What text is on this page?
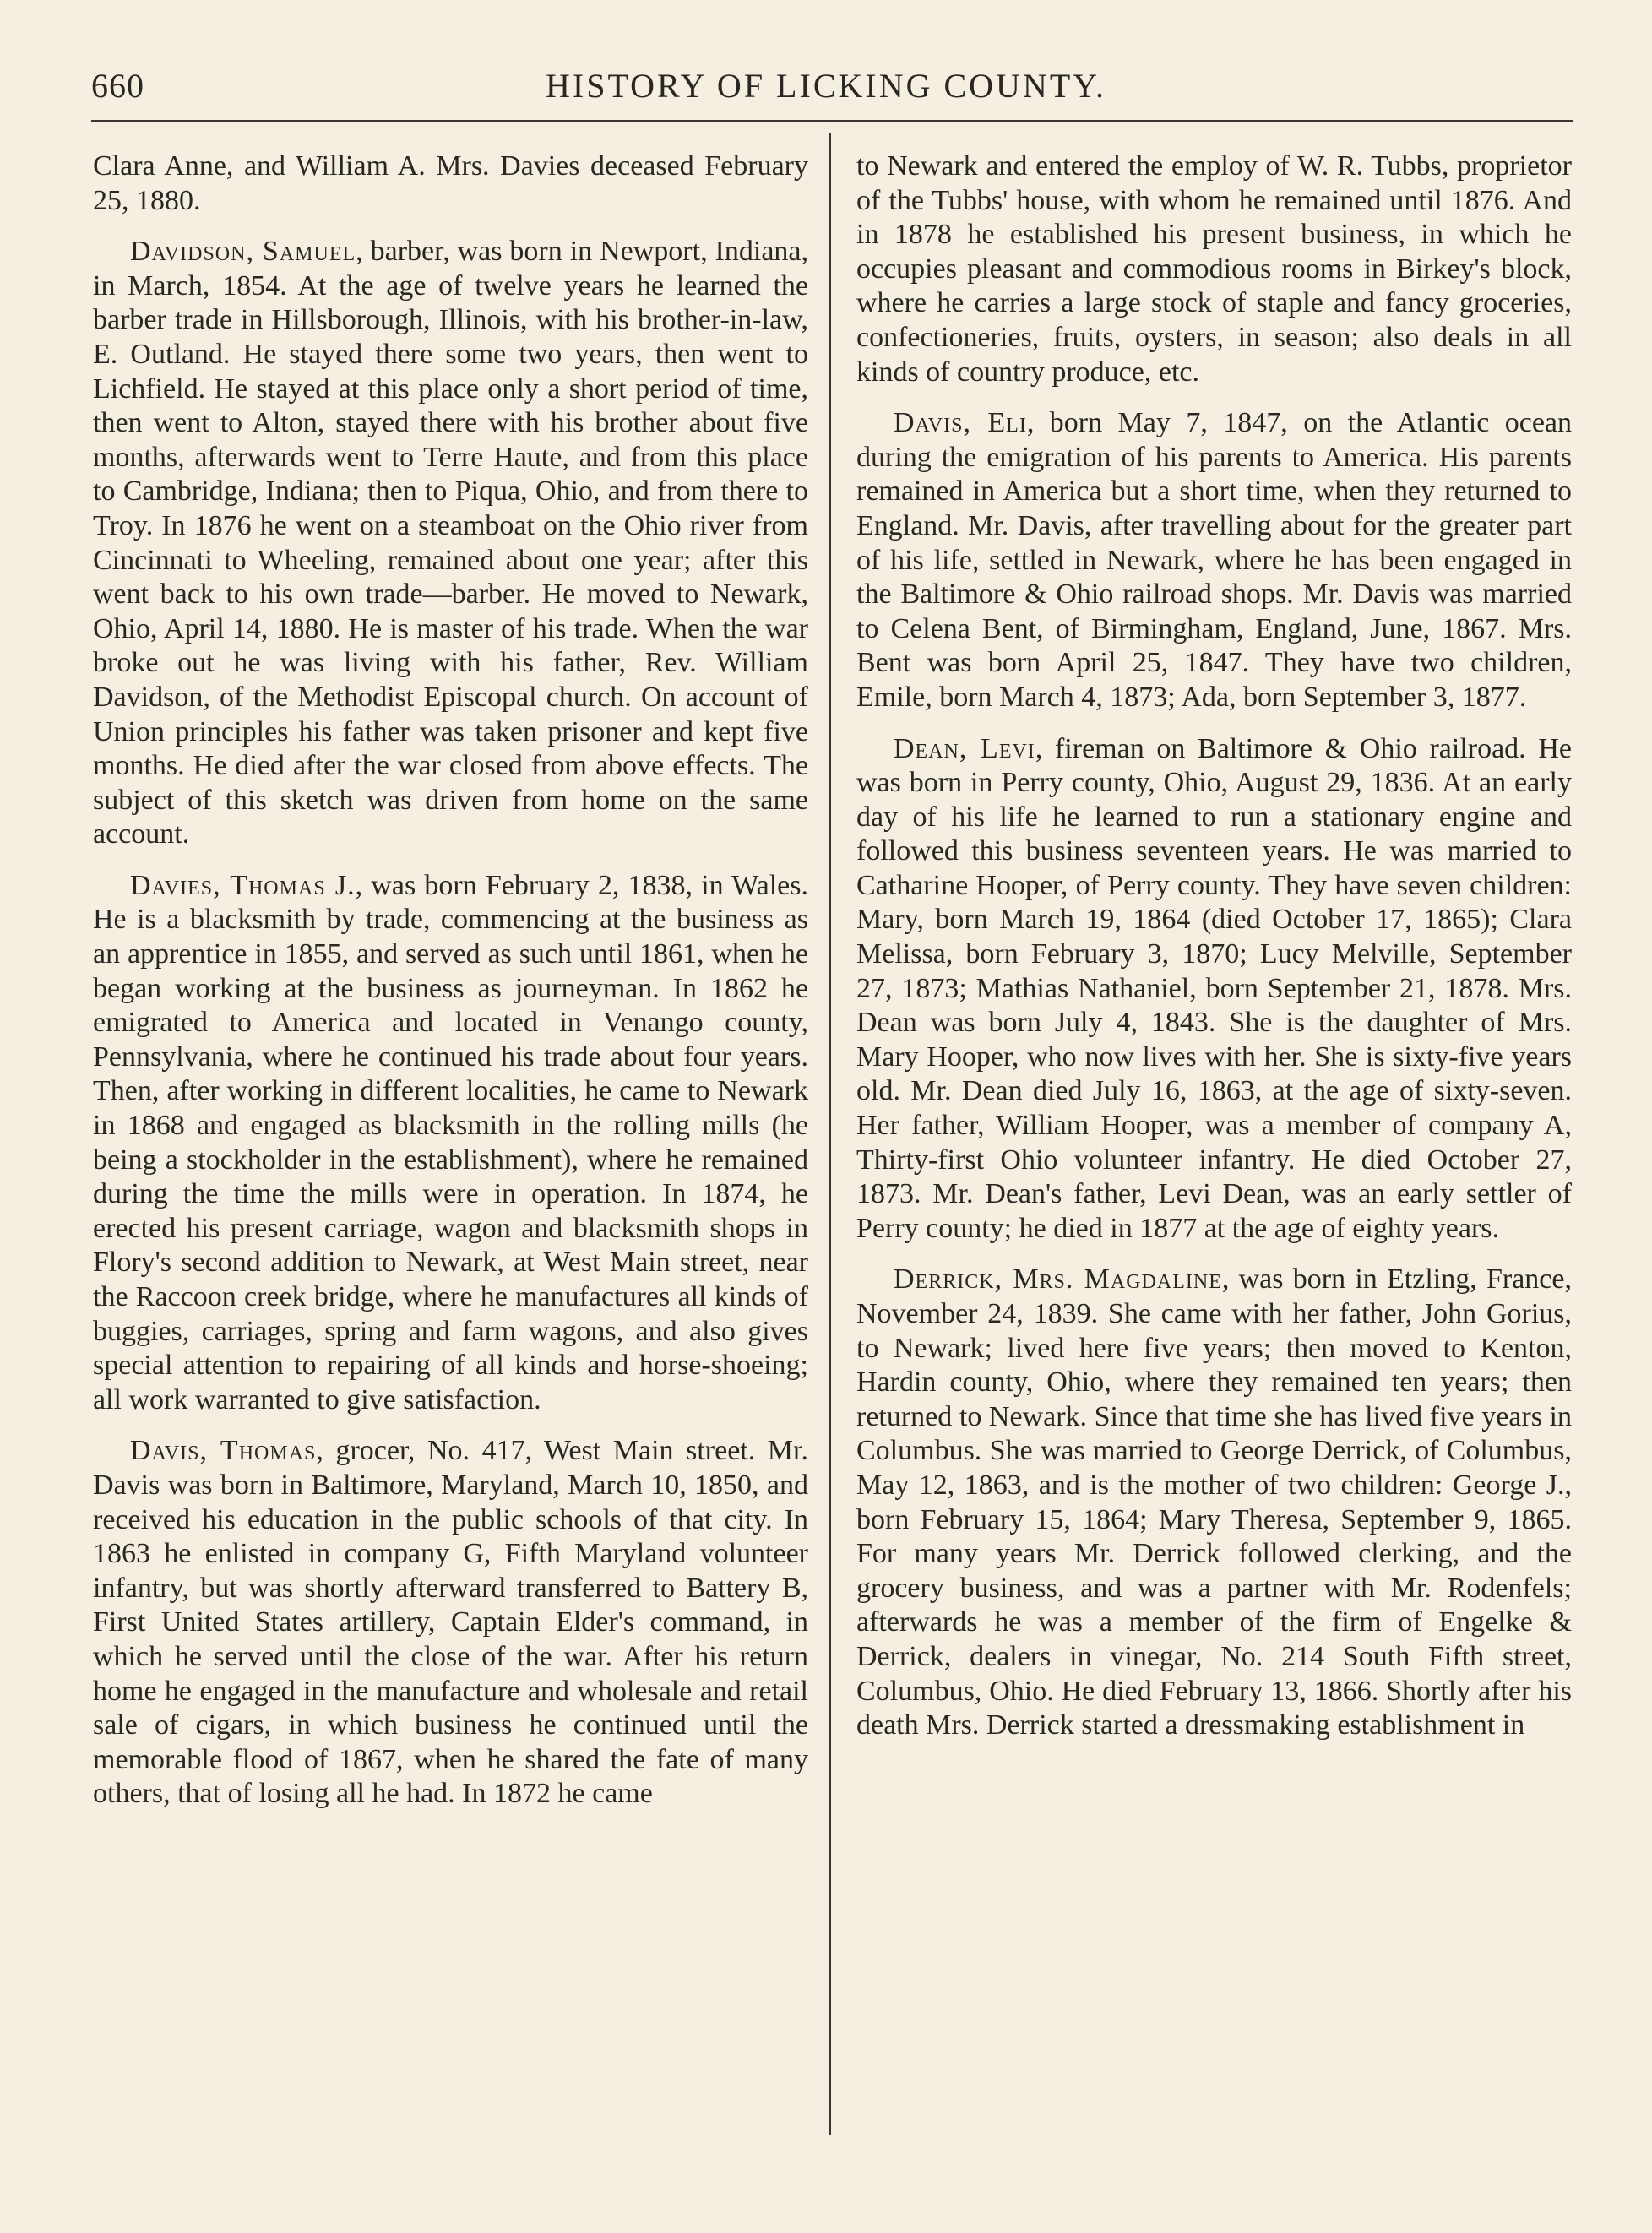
660	HISTORY OF LICKING COUNTY.

Clara Anne, and William A. Mrs. Davies deceased February 25, 1880.

Davidson, Samuel, barber, was born in Newport, Indiana, in March, 1854. At the age of twelve years he learned the barber trade in Hillsborough, Illinois, with his brother-in-law, E. Outland. He stayed there some two years, then went to Lichfield. He stayed at this place only a short period of time, then went to Alton, stayed there with his brother about five months, afterwards went to Terre Haute, and from this place to Cambridge, Indiana; then to Piqua, Ohio, and from there to Troy. In 1876 he went on a steamboat on the Ohio river from Cincinnati to Wheeling, remained about one year; after this went back to his own trade—barber. He moved to Newark, Ohio, April 14, 1880. He is master of his trade. When the war broke out he was living with his father, Rev. William Davidson, of the Methodist Episcopal church. On account of Union principles his father was taken prisoner and kept five months. He died after the war closed from above effects. The subject of this sketch was driven from home on the same account.

Davies, Thomas J., was born February 2, 1838, in Wales. He is a blacksmith by trade, commencing at the business as an apprentice in 1855, and served as such until 1861, when he began working at the business as journeyman. In 1862 he emigrated to America and located in Venango county, Pennsylvania, where he continued his trade about four years. Then, after working in different localities, he came to Newark in 1868 and engaged as blacksmith in the rolling mills (he being a stockholder in the establishment), where he remained during the time the mills were in operation. In 1874, he erected his present carriage, wagon and blacksmith shops in Flory's second addition to Newark, at West Main street, near the Raccoon creek bridge, where he manufactures all kinds of buggies, carriages, spring and farm wagons, and also gives special attention to repairing of all kinds and horse-shoeing; all work warranted to give satisfaction.

Davis, Thomas, grocer, No. 417, West Main street. Mr. Davis was born in Baltimore, Maryland, March 10, 1850, and received his education in the public schools of that city. In 1863 he enlisted in company G, Fifth Maryland volunteer infantry, but was shortly afterward transferred to Battery B, First United States artillery, Captain Elder's command, in which he served until the close of the war. After his return home he engaged in the manufacture and wholesale and retail sale of cigars, in which business he continued until the memorable flood of 1867, when he shared the fate of many others, that of losing all he had. In 1872 he came

to Newark and entered the employ of W. R. Tubbs, proprietor of the Tubbs' house, with whom he remained until 1876. And in 1878 he established his present business, in which he occupies pleasant and commodious rooms in Birkey's block, where he carries a large stock of staple and fancy groceries, confectioneries, fruits, oysters, in season; also deals in all kinds of country produce, etc.

Davis, Eli, born May 7, 1847, on the Atlantic ocean during the emigration of his parents to America. His parents remained in America but a short time, when they returned to England. Mr. Davis, after travelling about for the greater part of his life, settled in Newark, where he has been engaged in the Baltimore & Ohio railroad shops. Mr. Davis was married to Celena Bent, of Birmingham, England, June, 1867. Mrs. Bent was born April 25, 1847. They have two children, Emile, born March 4, 1873; Ada, born September 3, 1877.

Dean, Levi, fireman on Baltimore & Ohio railroad. He was born in Perry county, Ohio, August 29, 1836. At an early day of his life he learned to run a stationary engine and followed this business seventeen years. He was married to Catharine Hooper, of Perry county. They have seven children: Mary, born March 19, 1864 (died October 17, 1865); Clara Melissa, born February 3, 1870; Lucy Melville, September 27, 1873; Mathias Nathaniel, born September 21, 1878. Mrs. Dean was born July 4, 1843. She is the daughter of Mrs. Mary Hooper, who now lives with her. She is sixty-five years old. Mr. Dean died July 16, 1863, at the age of sixty-seven. Her father, William Hooper, was a member of company A, Thirty-first Ohio volunteer infantry. He died October 27, 1873. Mr. Dean's father, Levi Dean, was an early settler of Perry county; he died in 1877 at the age of eighty years.

Derrick, Mrs. Magdaline, was born in Etzling, France, November 24, 1839. She came with her father, John Gorius, to Newark; lived here five years; then moved to Kenton, Hardin county, Ohio, where they remained ten years; then returned to Newark. Since that time she has lived five years in Columbus. She was married to George Derrick, of Columbus, May 12, 1863, and is the mother of two children: George J., born February 15, 1864; Mary Theresa, September 9, 1865. For many years Mr. Derrick followed clerking, and the grocery business, and was a partner with Mr. Rodenfels; afterwards he was a member of the firm of Engelke & Derrick, dealers in vinegar, No. 214 South Fifth street, Columbus, Ohio. He died February 13, 1866. Shortly after his death Mrs. Derrick started a dressmaking establishment in
